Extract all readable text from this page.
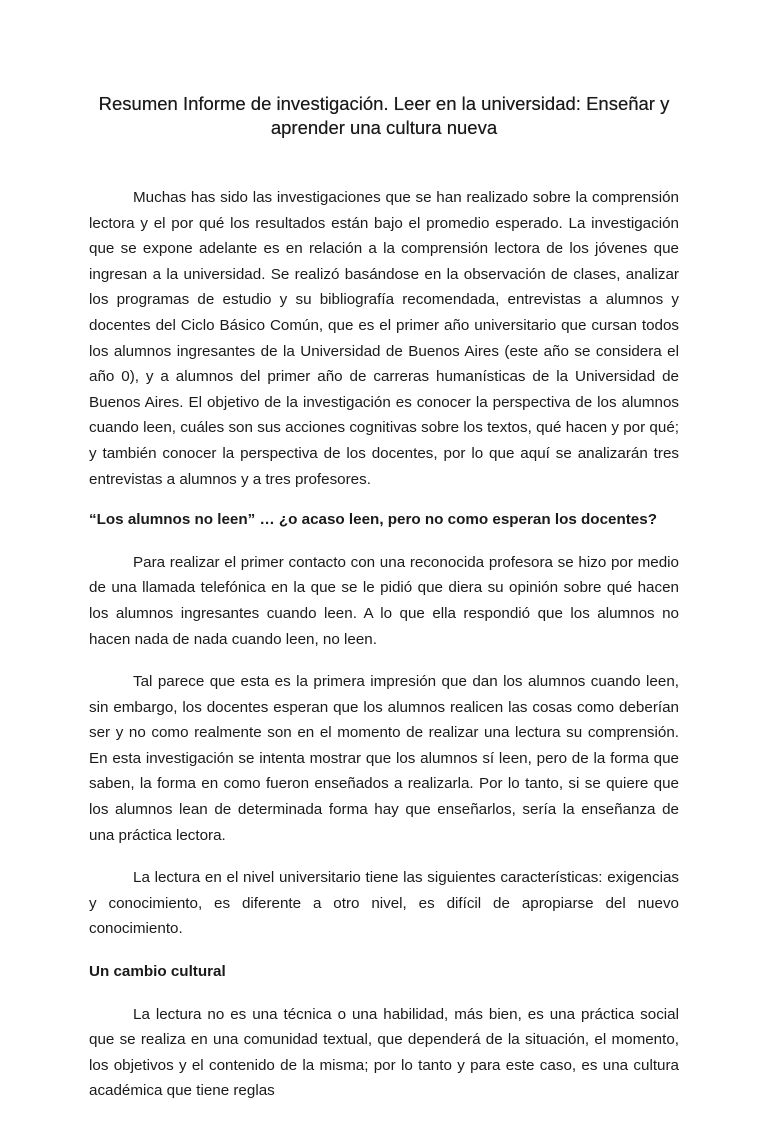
Resumen Informe de investigación. Leer en la universidad: Enseñar y aprender una cultura nueva

Muchas has sido las investigaciones que se han realizado sobre la comprensión lectora y el por qué los resultados están bajo el promedio esperado. La investigación que se expone adelante es en relación a la comprensión lectora de los jóvenes que ingresan a la universidad. Se realizó basándose en la observación de clases, analizar los programas de estudio y su bibliografía recomendada, entrevistas a alumnos y docentes del Ciclo Básico Común, que es el primer año universitario que cursan todos los alumnos ingresantes de la Universidad de Buenos Aires (este año se considera el año 0), y a alumnos del primer año de carreras humanísticas de la Universidad de Buenos Aires. El objetivo de la investigación es conocer la perspectiva de los alumnos cuando leen, cuáles son sus acciones cognitivas sobre los textos, qué hacen y por qué; y también conocer la perspectiva de los docentes, por lo que aquí se analizarán tres entrevistas a alumnos y a tres profesores.

“Los alumnos no leen” … ¿o acaso leen, pero no como esperan los docentes?

Para realizar el primer contacto con una reconocida profesora se hizo por medio de una llamada telefónica en la que se le pidió que diera su opinión sobre qué hacen los alumnos ingresantes cuando leen. A lo que ella respondió que los alumnos no hacen nada de nada cuando leen, no leen.

Tal parece que esta es la primera impresión que dan los alumnos cuando leen, sin embargo, los docentes esperan que los alumnos realicen las cosas como deberían ser y no como realmente son en el momento de realizar una lectura su comprensión. En esta investigación se intenta mostrar que los alumnos sí leen, pero de la forma que saben, la forma en como fueron enseñados a realizarla. Por lo tanto, si se quiere que los alumnos lean de determinada forma hay que enseñarlos, sería la enseñanza de una práctica lectora.

La lectura en el nivel universitario tiene las siguientes características: exigencias y conocimiento, es diferente a otro nivel, es difícil de apropiarse del nuevo conocimiento.

Un cambio cultural

La lectura no es una técnica o una habilidad, más bien, es una práctica social que se realiza en una comunidad textual, que dependerá de la situación, el momento, los objetivos y el contenido de la misma; por lo tanto y para este caso, es una cultura académica que tiene reglas
